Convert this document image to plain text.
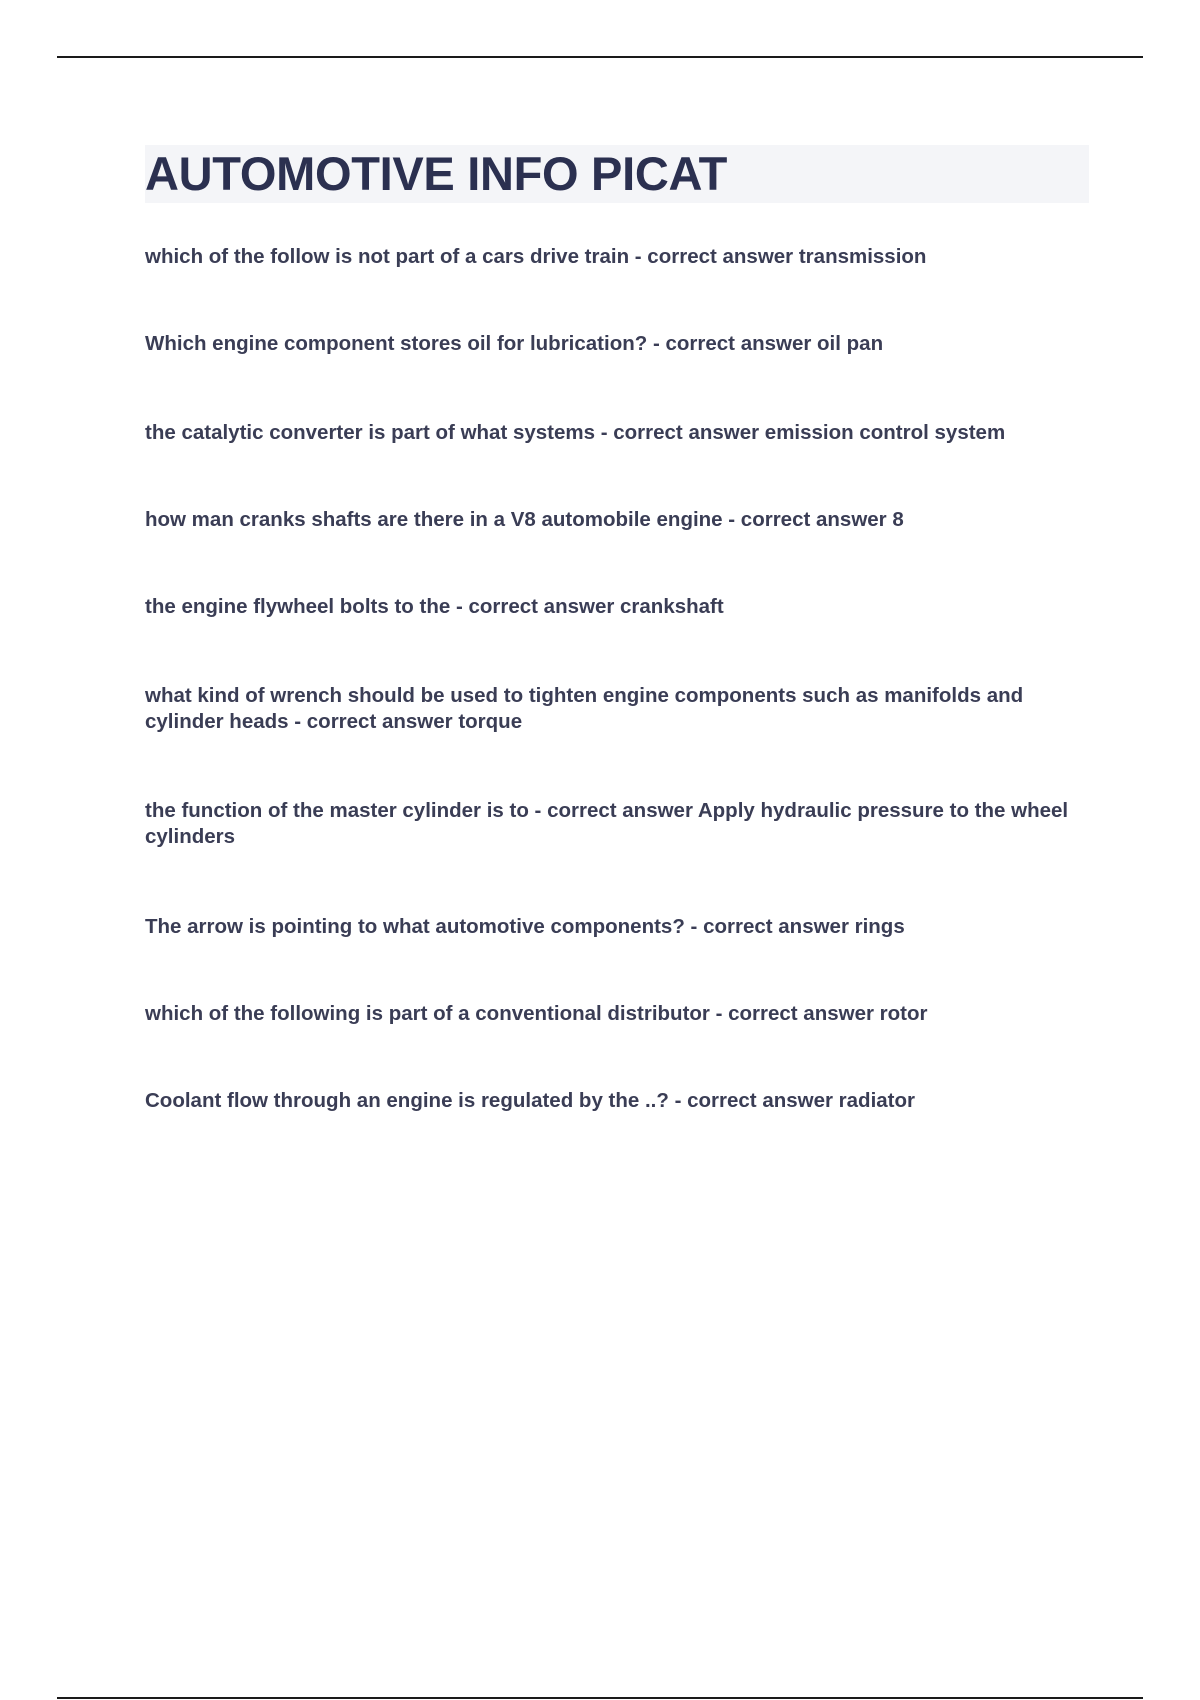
AUTOMOTIVE INFO PICAT

which of the follow is not part of a cars drive train - correct answer transmission

Which engine component stores oil for lubrication? - correct answer oil pan

the catalytic converter is part of what systems - correct answer emission control system

how man cranks shafts are there in a V8 automobile engine - correct answer 8

the engine flywheel bolts to the - correct answer crankshaft

what kind of wrench should be used to tighten engine components such as manifolds and cylinder heads - correct answer torque

the function of the master cylinder is to - correct answer Apply hydraulic pressure to the wheel cylinders

The arrow is pointing to what automotive components? - correct answer rings

which of the following is part of a conventional distributor - correct answer rotor

Coolant flow through an engine is regulated by the ..? - correct answer radiator
